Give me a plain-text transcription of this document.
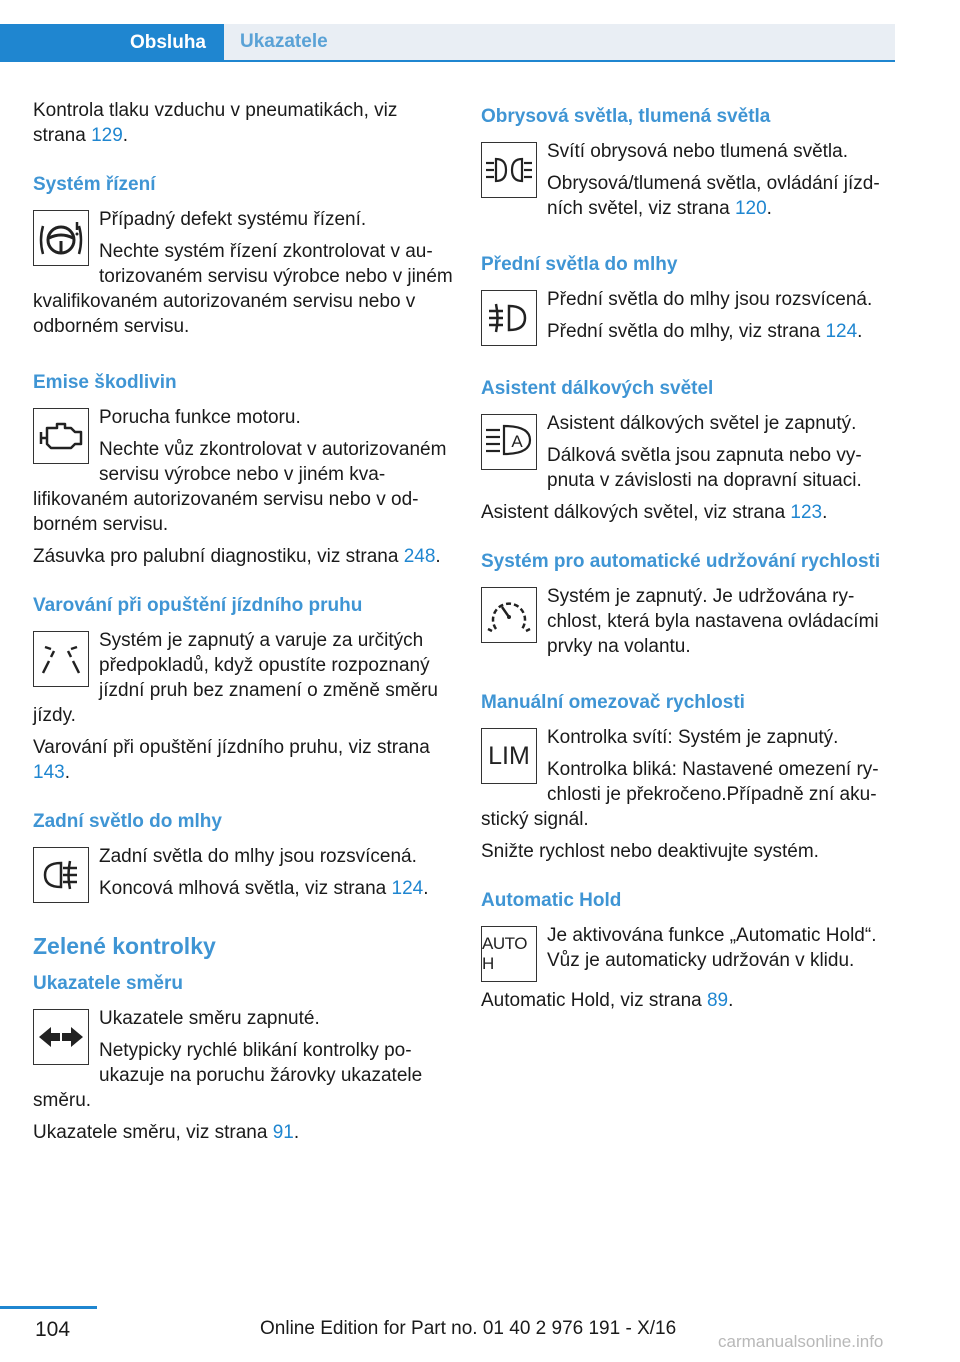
Obsluha	Ukazatele
Kontrola tlaku vzduchu v pneumatikách, viz strana 129.
Systém řízení

Případný defekt systému řízení.

Nechte systém řízení zkontrolovat v autorizovaném servisu výrobce nebo v jiném kvalifikovaném autorizovaném servisu nebo v odborném servisu.

Emise škodlivin

Porucha funkce motoru.

Nechte vůz zkontrolovat v autorizovaném servisu výrobce nebo v jiném kvalifikovaném autorizovaném servisu nebo v odborném servisu.

Zásuvka pro palubní diagnostiku, viz strana 248.
Varování při opuštění jízdního pruhu

Systém je zapnutý a varuje za určitých předpokladů, když opustíte rozpoznaný jízdní pruh bez znamení o změně směru jízdy.

Varování při opuštění jízdního pruhu, viz strana 143.
Zadní světlo do mlhy

Zadní světla do mlhy jsou rozsvícená.

Koncová mlhová světla, viz strana 124.

Zelené kontrolky
Ukazatele směru

Ukazatele směru zapnuté.

Netypicky rychlé blikání kontrolky poukazuje na poruchu žárovky ukazatele směru.

Ukazatele směru, viz strana 91.
Obrysová světla, tlumená světla

Svítí obrysová nebo tlumená světla.

Obrysová/tlumená světla, ovládání jízdních světel, viz strana 120.

Přední světla do mlhy

Přední světla do mlhy jsou rozsvícená.

Přední světla do mlhy, viz strana 124.

Asistent dálkových světel
A

Asistent dálkových světel je zapnutý.

Dálková světla jsou zapnuta nebo vypnuta v závislosti na dopravní situaci.

Asistent dálkových světel, viz strana 123.
Systém pro automatické udržování rychlosti

Systém je zapnutý. Je udržována rychlost, která byla nastavena ovládacími prvky na volantu.

Manuální omezovač rychlosti
LIM

Kontrolka svítí: Systém je zapnutý.

Kontrolka bliká: Nastavené omezení rychlosti je překročeno.Případně zní akustický signál.

Snižte rychlost nebo deaktivujte systém.
Automatic Hold
AUTO H

Je aktivována funkce „Automatic Hold“. Vůz je automaticky udržován v klidu.

Automatic Hold, viz strana 89.
104	Online Edition for Part no. 01 40 2 976 191 - X/16
carmanualsonline.info
